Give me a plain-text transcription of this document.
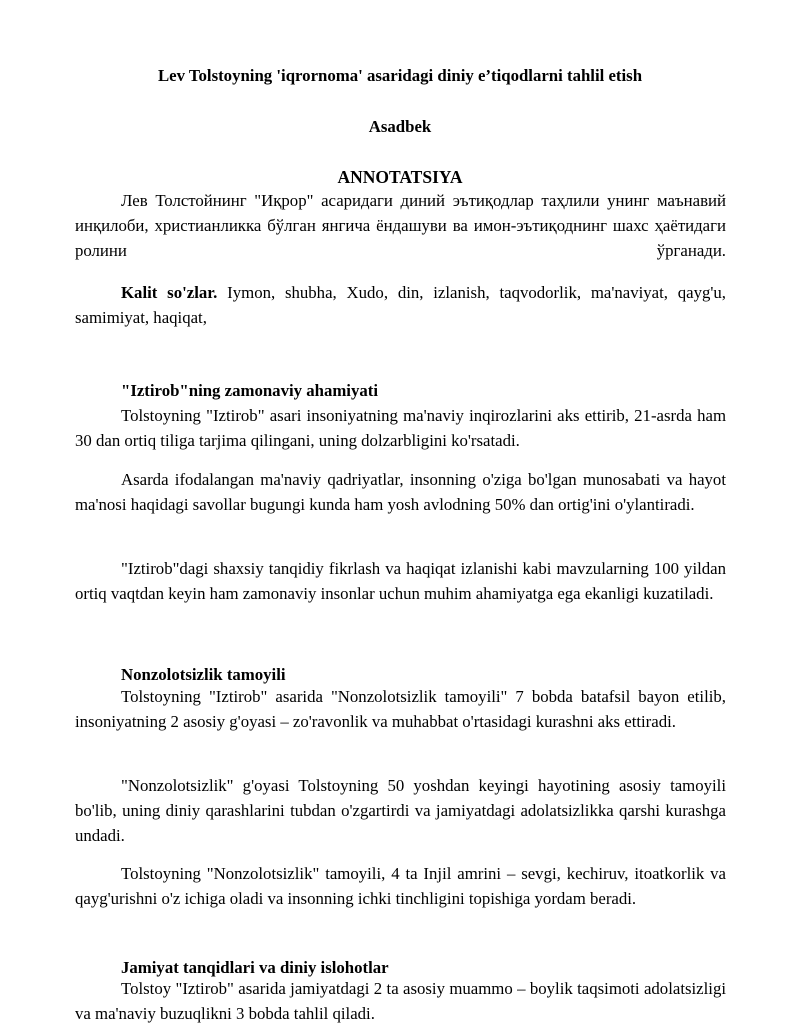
Lev Tolstoyning 'iqrornoma' asaridagi diniy e’tiqodlarni tahlil etish

Asadbek

ANNOTATSIYA

Лев Толстойнинг "Иқрор" асаридаги диний эътиқодлар таҳлили унинг маънавий инқилоби, христианликка бўлган янгича ёндашуви ва имон-эътиқоднинг шахс ҳаётидаги ролини ўрганади.

Kalit so'zlar. Iymon, shubha, Xudo, din, izlanish, taqvodorlik, ma'naviyat, qayg'u, samimiyat, haqiqat,

"Iztirob"ning zamonaviy ahamiyati

Tolstoyning "Iztirob" asari insoniyatning ma'naviy inqirozlarini aks ettirib, 21-asrda ham 30 dan ortiq tiliga tarjima qilingani, uning dolzarbligini ko'rsatadi.

Asarda ifodalangan ma'naviy qadriyatlar, insonning o'ziga bo'lgan munosabati va hayot ma'nosi haqidagi savollar bugungi kunda ham yosh avlodning 50% dan ortig'ini o'ylantiradi.

"Iztirob"dagi shaxsiy tanqidiy fikrlash va haqiqat izlanishi kabi mavzularning 100 yildan ortiq vaqtdan keyin ham zamonaviy insonlar uchun muhim ahamiyatga ega ekanligi kuzatiladi.

Nonzolotsizlik tamoyili

Tolstoyning "Iztirob" asarida "Nonzolotsizlik tamoyili" 7 bobda batafsil bayon etilib, insoniyatning 2 asosiy g'oyasi – zo'ravonlik va muhabbat o'rtasidagi kurashni aks ettiradi.

"Nonzolotsizlik" g'oyasi Tolstoyning 50 yoshdan keyingi hayotining asosiy tamoyili bo'lib, uning diniy qarashlarini tubdan o'zgartirdi va jamiyatdagi adolatsizlikka qarshi kurashga undadi.

Tolstoyning "Nonzolotsizlik" tamoyili, 4 ta Injil amrini – sevgi, kechiruv, itoatkorlik va qayg'urishni o'z ichiga oladi va insonning ichki tinchligini topishiga yordam beradi.

Jamiyat tanqidlari va diniy islohotlar

Tolstoy "Iztirob" asarida jamiyatdagi 2 ta asosiy muammo – boylik taqsimoti adolatsizligi va ma'naviy buzuqlikni 3 bobda tahlil qiladi.
